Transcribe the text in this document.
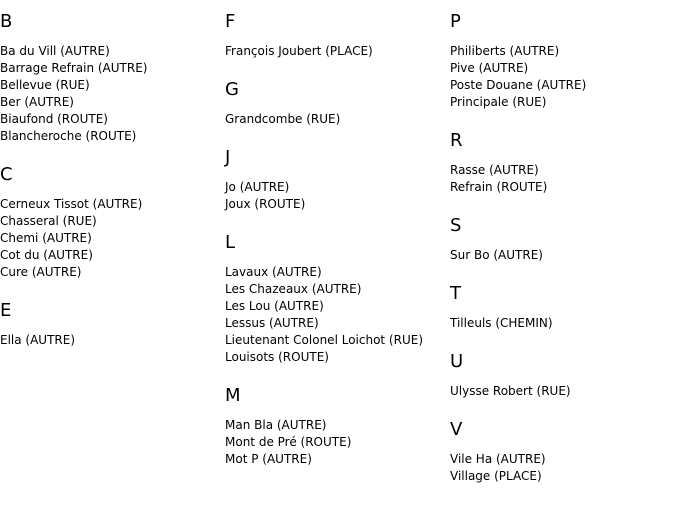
B
Ba du Vill (AUTRE)
Barrage Refrain (AUTRE)
Bellevue (RUE)
Ber (AUTRE)
Biaufond (ROUTE)
Blancheroche (ROUTE)
C
Cerneux Tissot (AUTRE)
Chasseral (RUE)
Chemi (AUTRE)
Cot du (AUTRE)
Cure (AUTRE)
E
Ella (AUTRE)
F
François Joubert (PLACE)
G
Grandcombe (RUE)
J
Jo (AUTRE)
Joux (ROUTE)
L
Lavaux (AUTRE)
Les Chazeaux (AUTRE)
Les Lou (AUTRE)
Lessus (AUTRE)
Lieutenant Colonel Loichot (RUE)
Louisots (ROUTE)
M
Man Bla (AUTRE)
Mont de Pré (ROUTE)
Mot P (AUTRE)
P
Philiberts (AUTRE)
Pive (AUTRE)
Poste Douane (AUTRE)
Principale (RUE)
R
Rasse (AUTRE)
Refrain (ROUTE)
S
Sur Bo (AUTRE)
T
Tilleuls (CHEMIN)
U
Ulysse Robert (RUE)
V
Vile Ha (AUTRE)
Village (PLACE)
